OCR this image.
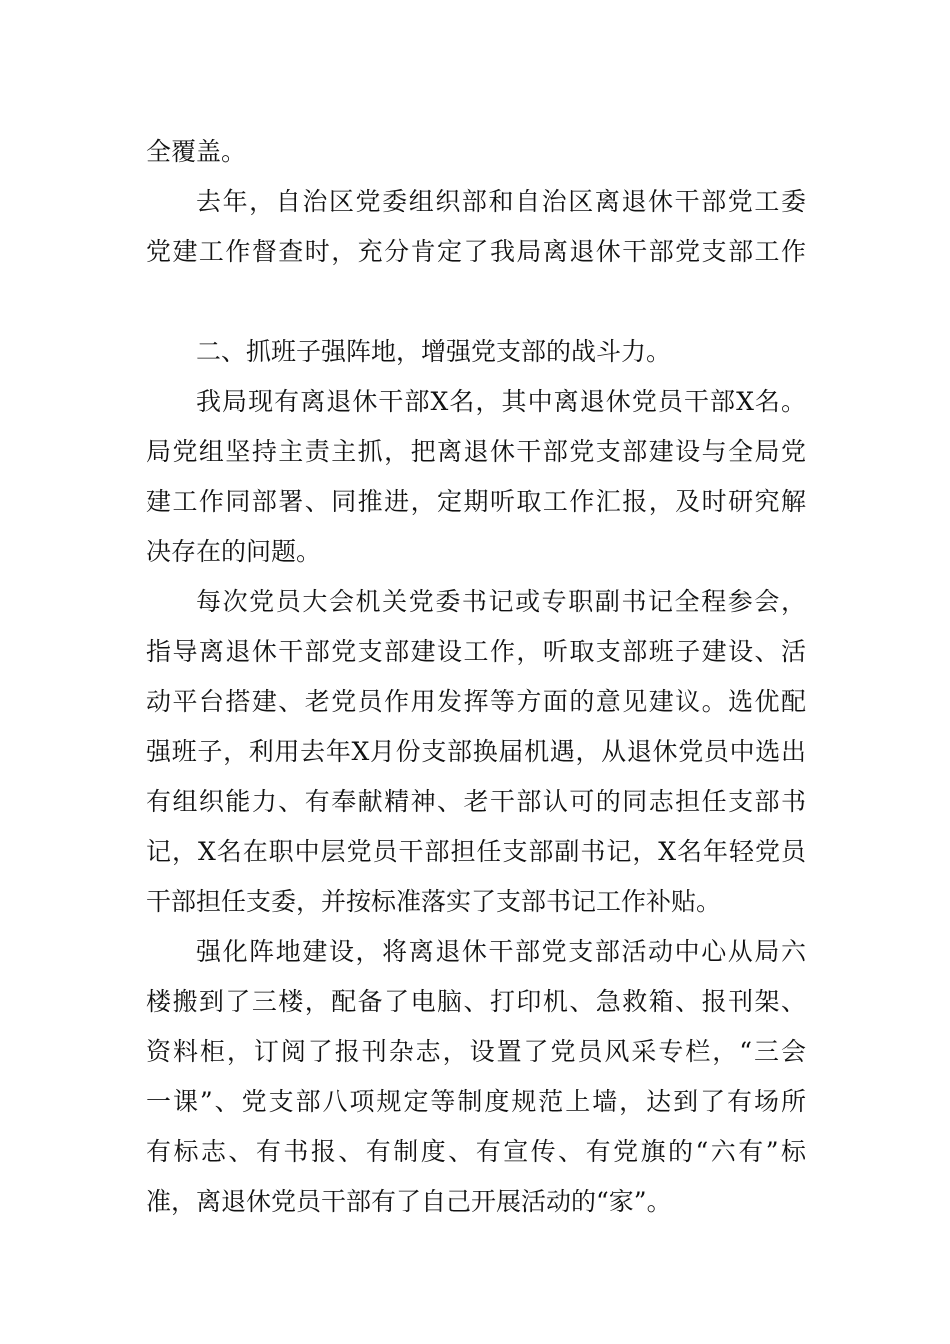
全覆盖。
去年，自治区党委组织部和自治区离退休干部党工委
党建工作督查时，充分肯定了我局离退休干部党支部工作
二、抓班子强阵地，增强党支部的战斗力。
我局现有离退休干部X名，其中离退休党员干部X名。
局党组坚持主责主抓，把离退休干部党支部建设与全局党
建工作同部署、同推进，定期听取工作汇报，及时研究解
决存在的问题。
每次党员大会机关党委书记或专职副书记全程参会，
指导离退休干部党支部建设工作，听取支部班子建设、活
动平台搭建、老党员作用发挥等方面的意见建议。选优配
强班子，利用去年X月份支部换届机遇，从退休党员中选出
有组织能力、有奉献精神、老干部认可的同志担任支部书
记，X名在职中层党员干部担任支部副书记，X名年轻党员
干部担任支委，并按标准落实了支部书记工作补贴。
强化阵地建设，将离退休干部党支部活动中心从局六
楼搬到了三楼，配备了电脑、打印机、急救箱、报刊架、
资料柜，订阅了报刊杂志，设置了党员风采专栏，“三会
一课”、党支部八项规定等制度规范上墙，达到了有场所
有标志、有书报、有制度、有宣传、有党旗的“六有”标
准，离退休党员干部有了自己开展活动的“家”。
